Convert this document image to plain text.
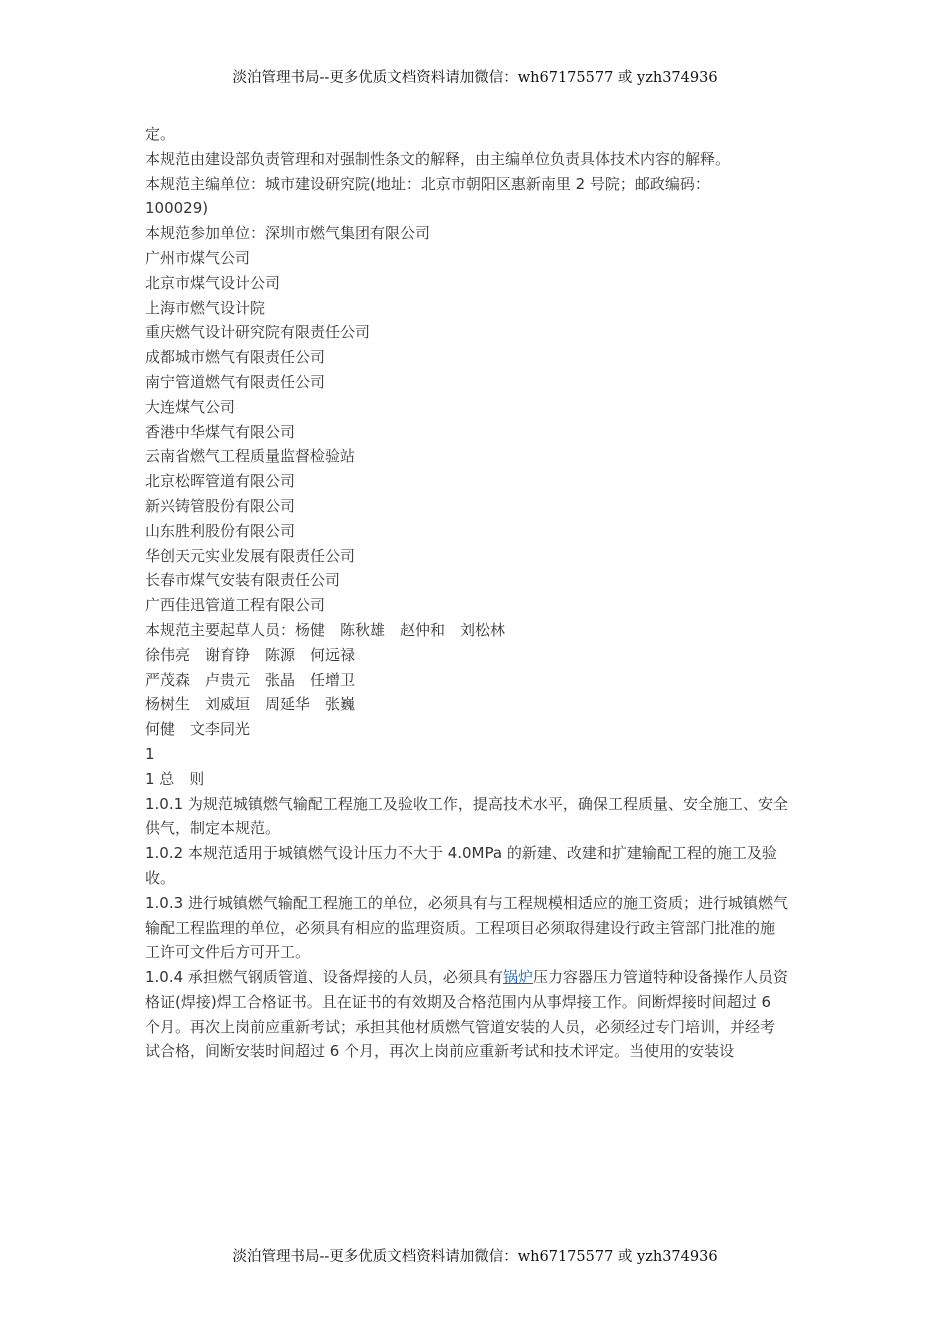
淡泊管理书局--更多优质文档资料请加微信：wh67175577 或 yzh374936
定。
本规范由建设部负责管理和对强制性条文的解释，由主编单位负责具体技术内容的解释。
本规范主编单位：城市建设研究院(地址：北京市朝阳区惠新南里 2 号院；邮政编码：
100029)
本规范参加单位：深圳市燃气集团有限公司
广州市煤气公司
北京市煤气设计公司
上海市燃气设计院
重庆燃气设计研究院有限责任公司
成都城市燃气有限责任公司
南宁管道燃气有限责任公司
大连煤气公司
香港中华煤气有限公司
云南省燃气工程质量监督检验站
北京松晖管道有限公司
新兴铸管股份有限公司
山东胜利股份有限公司
华创天元实业发展有限责任公司
长春市煤气安装有限责任公司
广西佳迅管道工程有限公司
本规范主要起草人员：杨健　陈秋雄　赵仲和　刘松林
徐伟亮　谢育铮　陈源　何远禄
严茂森　卢贵元　张晶　任增卫
杨树生　刘威垣　周延华　张巍
何健　文李同光
1
1 总　则
1.0.1 为规范城镇燃气输配工程施工及验收工作，提高技术水平，确保工程质量、安全施工、安全
供气，制定本规范。
1.0.2 本规范适用于城镇燃气设计压力不大于 4.0MPa 的新建、改建和扩建输配工程的施工及验收。
1.0.3 进行城镇燃气输配工程施工的单位，必须具有与工程规模相适应的施工资质；进行城镇燃气
输配工程监理的单位，必须具有相应的监理资质。工程项目必须取得建设行政主管部门批准的施
工许可文件后方可开工。
1.0.4 承担燃气钢质管道、设备焊接的人员，必须具有锅炉压力容器压力管道特种设备操作人员资
格证(焊接)焊工合格证书。且在证书的有效期及合格范围内从事焊接工作。间断焊接时间超过 6
个月。再次上岗前应重新考试；承担其他材质燃气管道安装的人员，必须经过专门培训，并经考
试合格，间断安装时间超过 6 个月，再次上岗前应重新考试和技术评定。当使用的安装设
淡泊管理书局--更多优质文档资料请加微信：wh67175577 或 yzh374936
